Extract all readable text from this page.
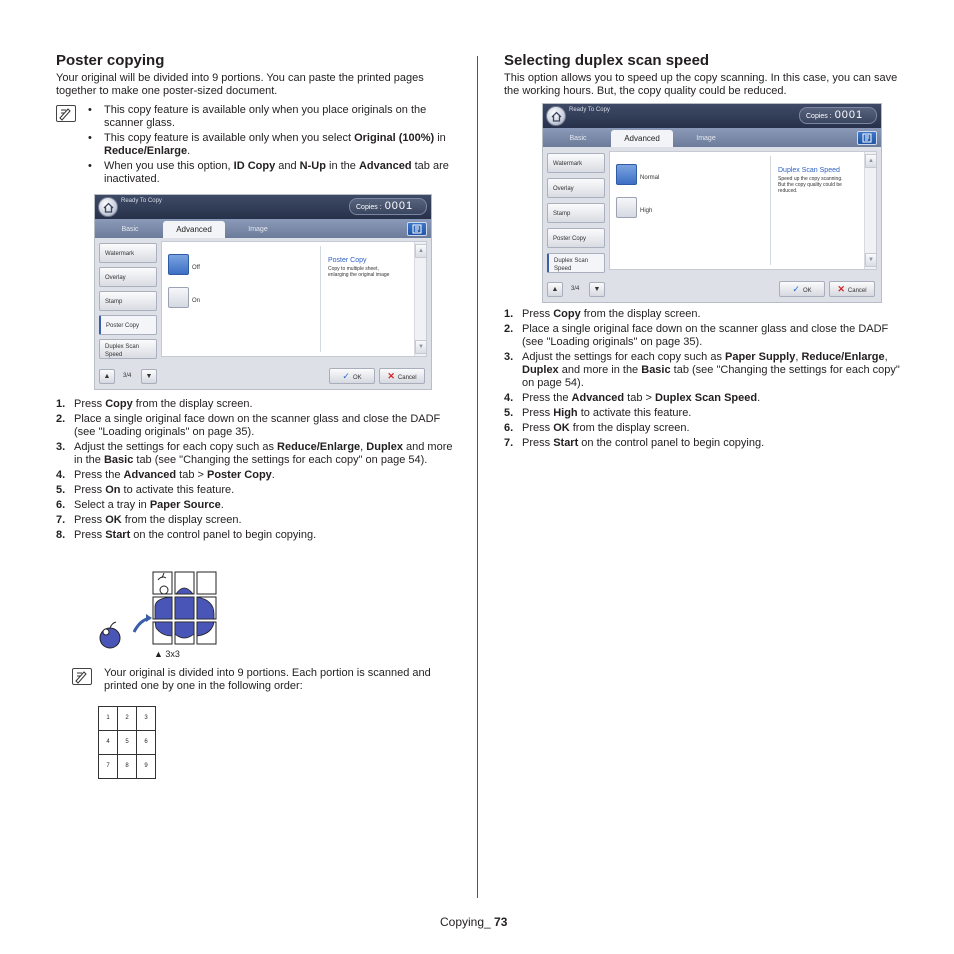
Poster copying

Your original will be divided into 9 portions. You can paste the printed pages together to make one poster-sized document.

• This copy feature is available only when you place originals on the scanner glass.
• This copy feature is available only when you select Original (100%) in Reduce/Enlarge.
• When you use this option, ID Copy and N-Up in the Advanced tab are inactivated.
Ready To Copy
Copies : 0001
Basic	Advanced	Image
Watermark
Overlay
Stamp
Poster Copy
Duplex Scan Speed
Off
On
Poster Copy
Copy to multiple sheet, enlarging the original image
▲
▼
▲	3/4	▼	✓ OK	✕ Cancel
1. Press Copy from the display screen.
2. Place a single original face down on the scanner glass and close the DADF (see "Loading originals" on page 35).
3. Adjust the settings for each copy such as Reduce/Enlarge, Duplex and more in the Basic tab (see "Changing the settings for each copy" on page 54).
4. Press the Advanced tab > Poster Copy.
5. Press On to activate this feature.
6. Select a tray in Paper Source.
7. Press OK from the display screen.
8. Press Start on the control panel to begin copying.
▲ 3x3

Your original is divided into 9 portions. Each portion is scanned and printed one by one in the following order:

1	2	3
4	5	6
7	8	9
Selecting duplex scan speed

This option allows you to speed up the copy scanning. In this case, you can save the working hours. But, the copy quality could be reduced.

Ready To Copy
Copies : 0001
Basic	Advanced	Image
Watermark
Overlay
Stamp
Poster Copy
Duplex Scan Speed
Normal
High
Duplex Scan Speed
Speed up the copy scanning. But the copy quality could be reduced.
▲
▼
▲	3/4	▼	✓ OK	✕ Cancel
1. Press Copy from the display screen.
2. Place a single original face down on the scanner glass and close the DADF (see "Loading originals" on page 35).
3. Adjust the settings for each copy such as Paper Supply, Reduce/Enlarge, Duplex and more in the Basic tab (see "Changing the settings for each copy" on page 54).
4. Press the Advanced tab > Duplex Scan Speed.
5. Press High to activate this feature.
6. Press OK from the display screen.
7. Press Start on the control panel to begin copying.
Copying_ 73
